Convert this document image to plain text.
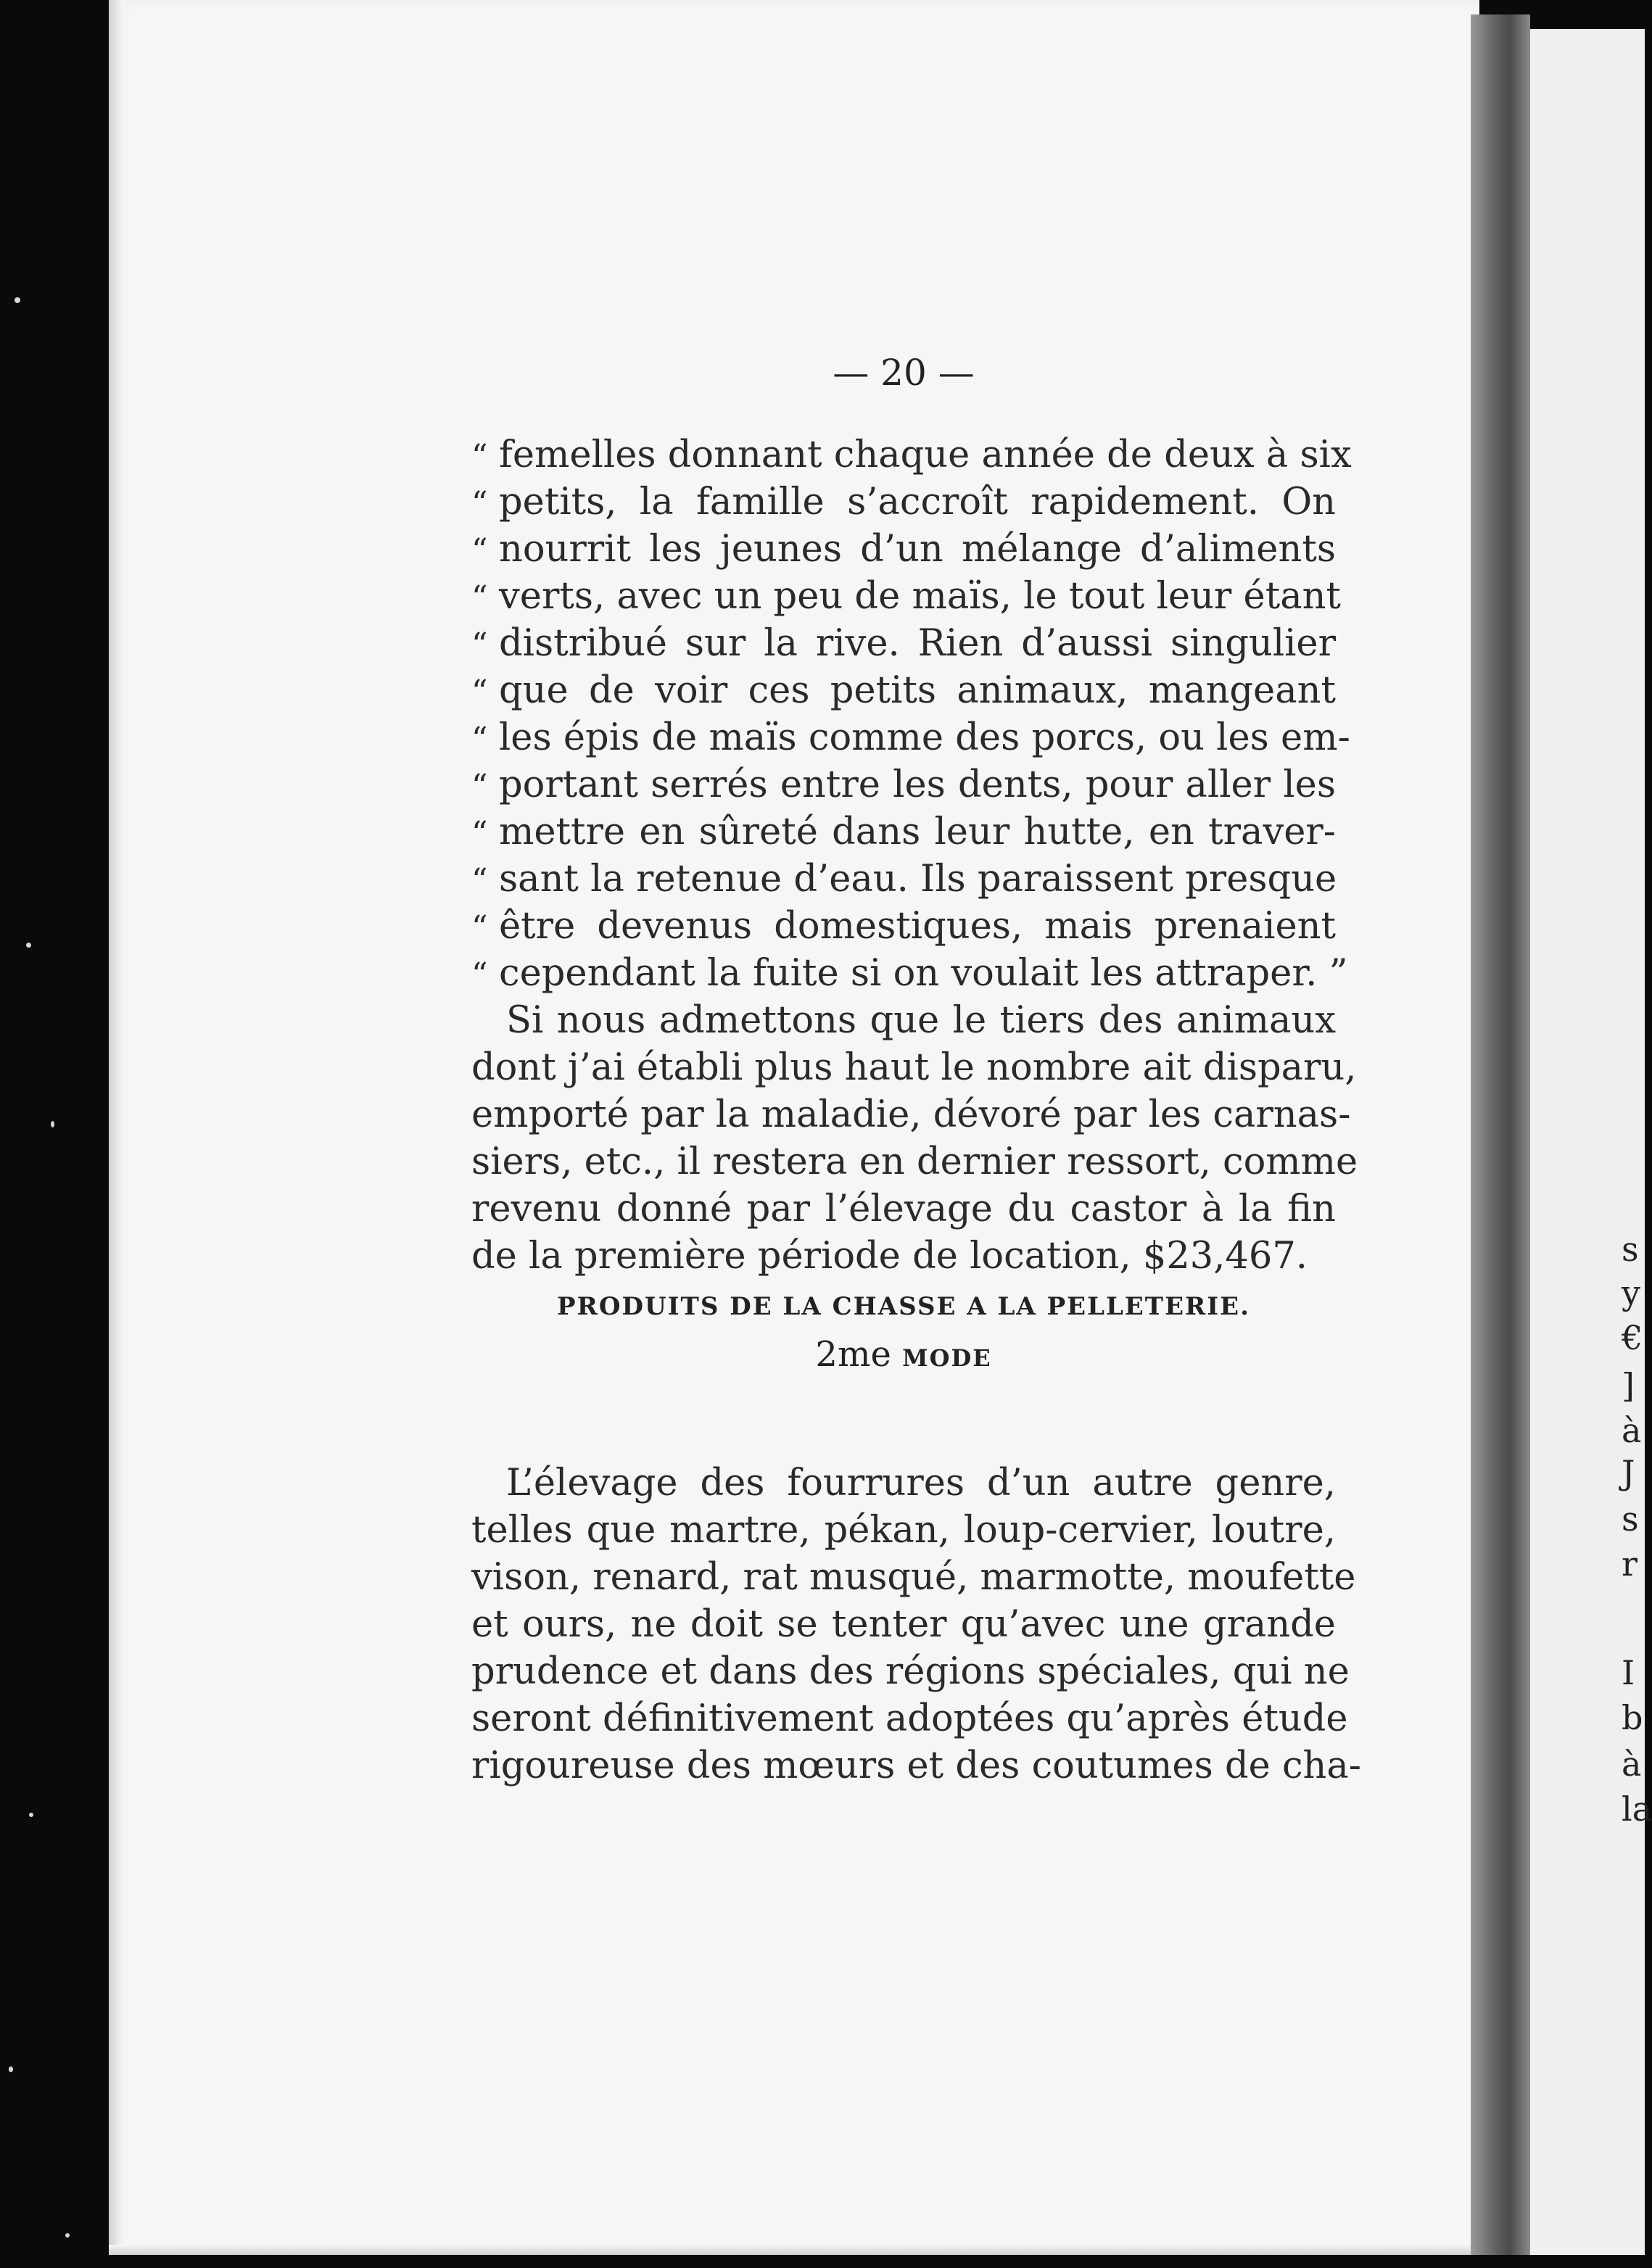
s
y
€
]
à
J
s
r
I
b
à
la
— 20 —
“ femelles donnant chaque année de deux à six
“ petits, la famille s’accroît rapidement. On
“ nourrit les jeunes d’un mélange d’aliments
“ verts, avec un peu de maïs, le tout leur étant
“ distribué sur la rive. Rien d’aussi singulier
“ que de voir ces petits animaux, mangeant
“ les épis de maïs comme des porcs, ou les em-
“ portant serrés entre les dents, pour aller les
“ mettre en sûreté dans leur hutte, en traver-
“ sant la retenue d’eau. Ils paraissent presque
“ être devenus domestiques, mais prenaient
“ cependant la fuite si on voulait les attraper. ”
Si nous admettons que le tiers des animaux
dont j’ai établi plus haut le nombre ait disparu,
emporté par la maladie, dévoré par les carnas-
siers, etc., il restera en dernier ressort, comme
revenu donné par l’élevage du castor à la fin
de la première période de location, $23,467.
PRODUITS DE LA CHASSE A LA PELLETERIE.
2me MODE
L’élevage des fourrures d’un autre genre,
telles que martre, pékan, loup-cervier, loutre,
vison, renard, rat musqué, marmotte, moufette
et ours, ne doit se tenter qu’avec une grande
prudence et dans des régions spéciales, qui ne
seront définitivement adoptées qu’après étude
rigoureuse des mœurs et des coutumes de cha-
